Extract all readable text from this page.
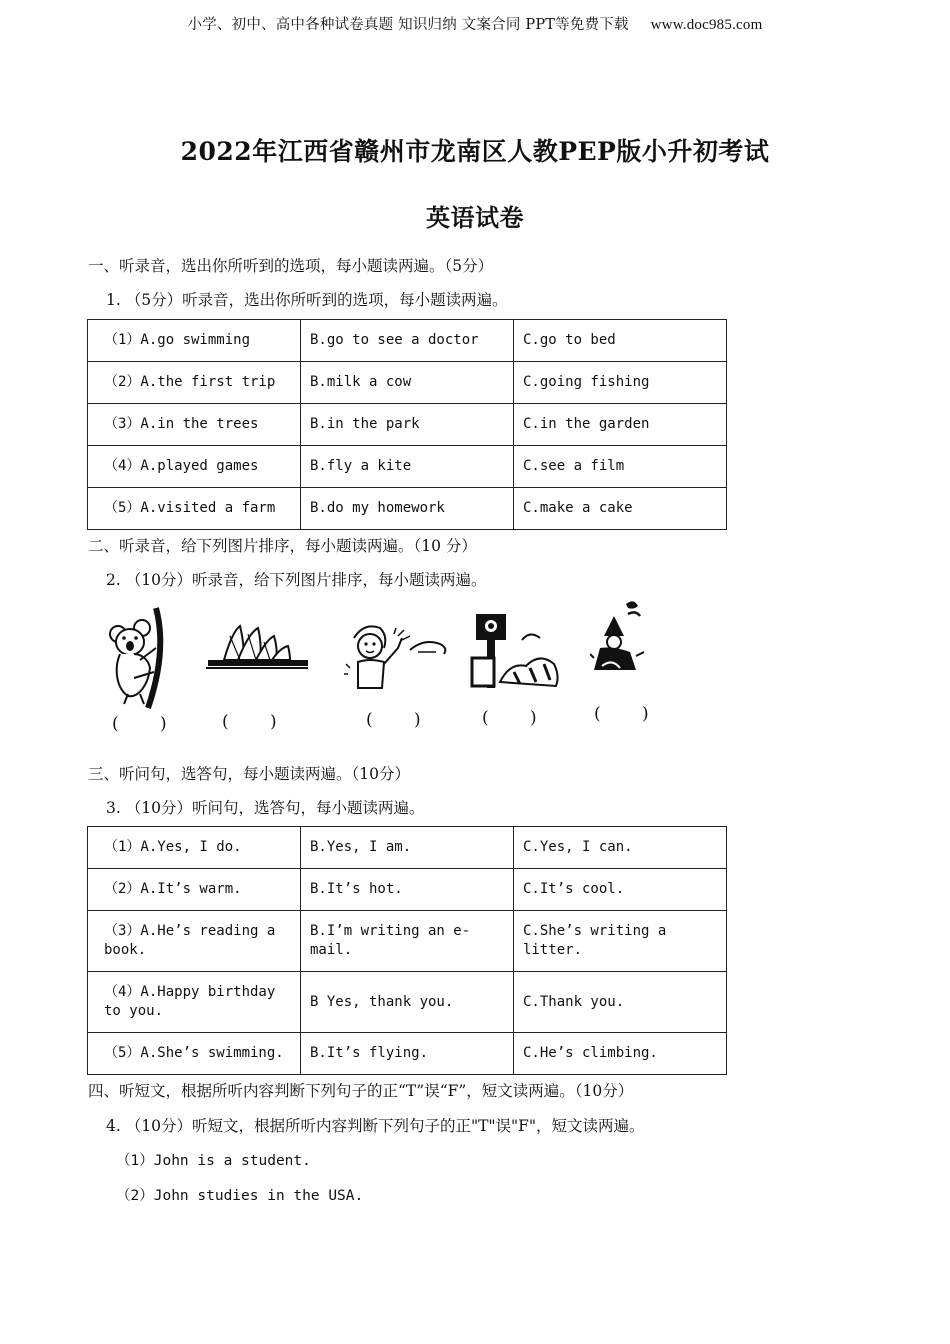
小学、初中、高中各种试卷真题 知识归纳 文案合同 PPT等免费下载 www.doc985.com
2022年江西省赣州市龙南区人教PEP版小升初考试
英语试卷
一、听录音，选出你所听到的选项，每小题读两遍。（5分）
1. （5分）听录音，选出你所听到的选项，每小题读两遍。
（1）A.go swimming	B.go to see a doctor	C.go to bed
（2）A.the first trip	B.milk a cow	C.going fishing
（3）A.in the trees	B.in the park	C.in the garden
（4）A.played games	B.fly a kite	C.see a film
（5）A.visited a farm	B.do my homework	C.make a cake
二、听录音，给下列图片排序，每小题读两遍。（10 分）
2. （10分）听录音，给下列图片排序，每小题读两遍。
( ) ( )	( )	( ) ( )
三、听问句，选答句，每小题读两遍。（10分）
3. （10分）听问句，选答句，每小题读两遍。
（1）A.Yes, I do.	B.Yes, I am.	C.Yes, I can.
（2）A.It’s warm.	B.It’s hot.	C.It’s cool.
（3）A.He’s reading a book.	B.I’m writing an e-mail.	C.She’s writing a litter.
（4）A.Happy birthday to you.	B Yes, thank you.	C.Thank you.
（5）A.She’s swimming.	B.It’s flying.	C.He’s climbing.
四、听短文，根据所听内容判断下列句子的正“T”误“F”，短文读两遍。（10分）
4. （10分）听短文，根据所听内容判断下列句子的正"T"误"F"，短文读两遍。
（1）John is a student.
（2）John studies in the USA.
